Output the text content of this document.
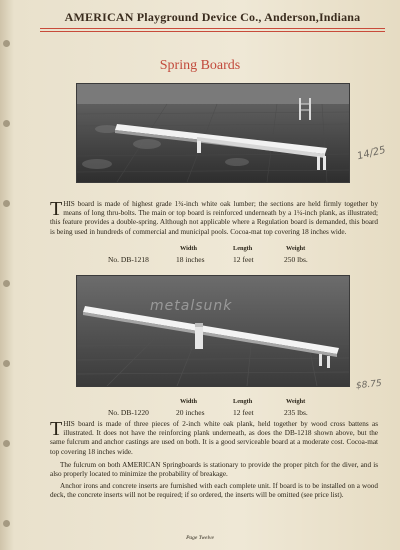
AMERICAN Playground Device Co., Anderson,Indiana
Spring Boards
14/25
THIS board is made of highest grade 1¾-inch white oak lumber; the sections are held firmly together by means of long thru-bolts. The main or top board is reinforced underneath by a 1¼-inch plank, as illustrated; this feature provides a double-spring. Although not applicable where a Regulation board is demanded, this board is being used in hundreds of commercial and municipal pools. Cocoa-mat top covering 18 inches wide.
No. DB-1218
Width
18 inches
Length
12 feet
Weight
250 lbs.
metalsunk
$8.75
No. DB-1220
Width
20 inches
Length
12 feet
Weight
235 lbs.
THIS board is made of three pieces of 2-inch white oak plank, held together by wood cross battens as illustrated. It does not have the reinforcing plank underneath, as does the DB-1218 shown above, but the same fulcrum and anchor castings are used on both. It is a good serviceable board at a moderate cost. Cocoa-mat top covering 18 inches wide.
The fulcrum on both AMERICAN Springboards is stationary to provide the proper pitch for the diver, and is also properly located to minimize the probability of breakage.
Anchor irons and concrete inserts are furnished with each complete unit. If board is to be installed on a wood deck, the concrete inserts will not be required; if so ordered, the inserts will be omitted (see price list).
Page Twelve
